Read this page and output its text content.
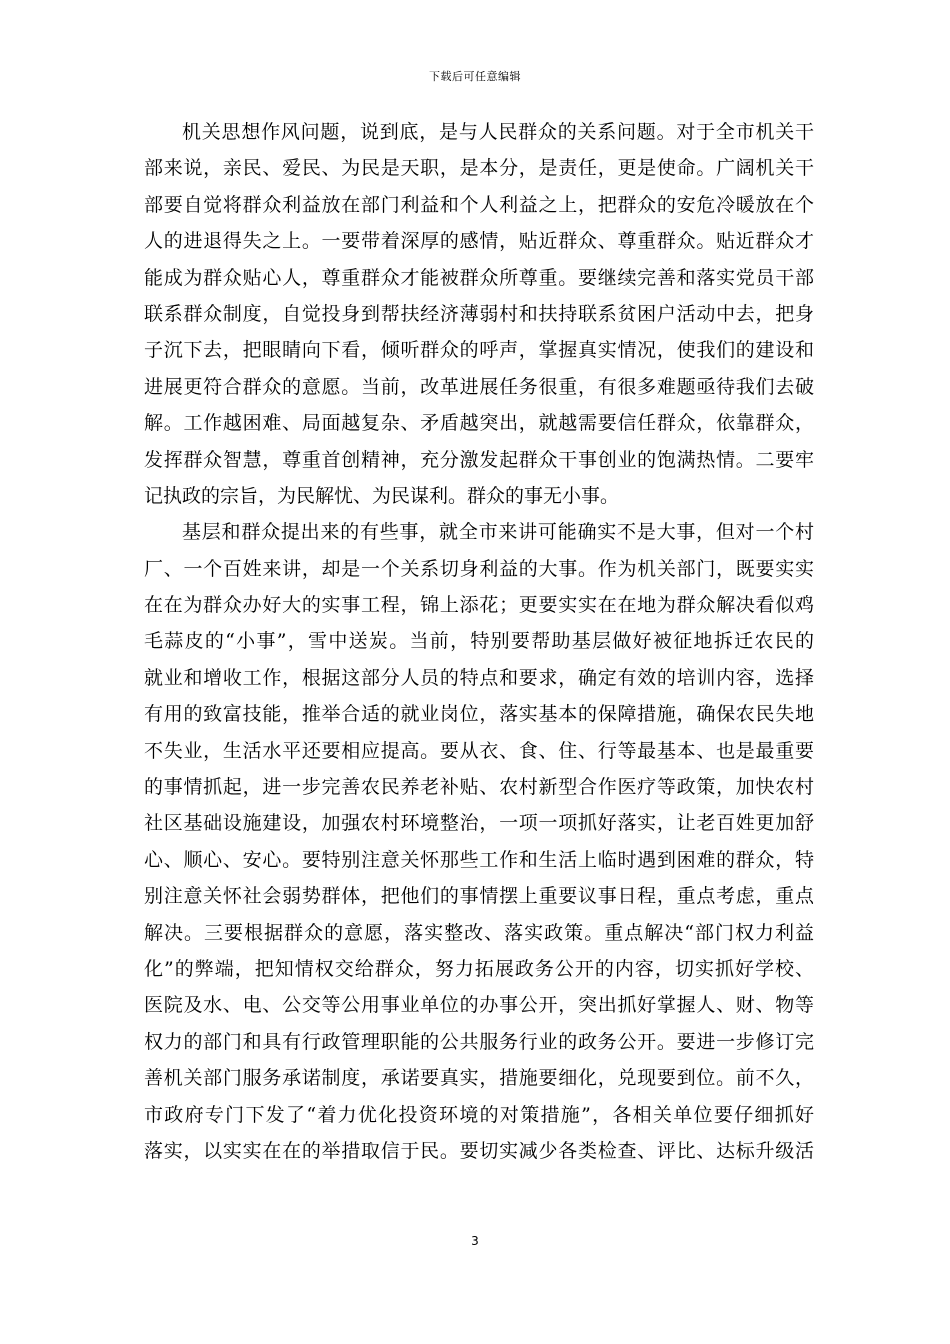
下载后可任意编辑
机关思想作风问题，说到底，是与人民群众的关系问题。对于全市机关干
部来说，亲民、爱民、为民是天职，是本分，是责任，更是使命。广阔机关干
部要自觉将群众利益放在部门利益和个人利益之上，把群众的安危冷暖放在个
人的进退得失之上。一要带着深厚的感情，贴近群众、尊重群众。贴近群众才
能成为群众贴心人，尊重群众才能被群众所尊重。要继续完善和落实党员干部
联系群众制度，自觉投身到帮扶经济薄弱村和扶持联系贫困户活动中去，把身
子沉下去，把眼睛向下看，倾听群众的呼声，掌握真实情况，使我们的建设和
进展更符合群众的意愿。当前，改革进展任务很重，有很多难题亟待我们去破
解。工作越困难、局面越复杂、矛盾越突出，就越需要信任群众，依靠群众，
发挥群众智慧，尊重首创精神，充分激发起群众干事创业的饱满热情。二要牢
记执政的宗旨，为民解忧、为民谋利。群众的事无小事。
基层和群众提出来的有些事，就全市来讲可能确实不是大事，但对一个村
厂、一个百姓来讲，却是一个关系切身利益的大事。作为机关部门，既要实实
在在为群众办好大的实事工程，锦上添花；更要实实在在地为群众解决看似鸡
毛蒜皮的“小事”，雪中送炭。当前，特别要帮助基层做好被征地拆迁农民的
就业和增收工作，根据这部分人员的特点和要求，确定有效的培训内容，选择
有用的致富技能，推举合适的就业岗位，落实基本的保障措施，确保农民失地
不失业，生活水平还要相应提高。要从衣、食、住、行等最基本、也是最重要
的事情抓起，进一步完善农民养老补贴、农村新型合作医疗等政策，加快农村
社区基础设施建设，加强农村环境整治，一项一项抓好落实，让老百姓更加舒
心、顺心、安心。要特别注意关怀那些工作和生活上临时遇到困难的群众，特
别注意关怀社会弱势群体，把他们的事情摆上重要议事日程，重点考虑，重点
解决。三要根据群众的意愿，落实整改、落实政策。重点解决“部门权力利益
化”的弊端，把知情权交给群众，努力拓展政务公开的内容，切实抓好学校、
医院及水、电、公交等公用事业单位的办事公开，突出抓好掌握人、财、物等
权力的部门和具有行政管理职能的公共服务行业的政务公开。要进一步修订完
善机关部门服务承诺制度，承诺要真实，措施要细化，兑现要到位。前不久，
市政府专门下发了“着力优化投资环境的对策措施”，各相关单位要仔细抓好
落实，以实实在在的举措取信于民。要切实减少各类检查、评比、达标升级活
3
